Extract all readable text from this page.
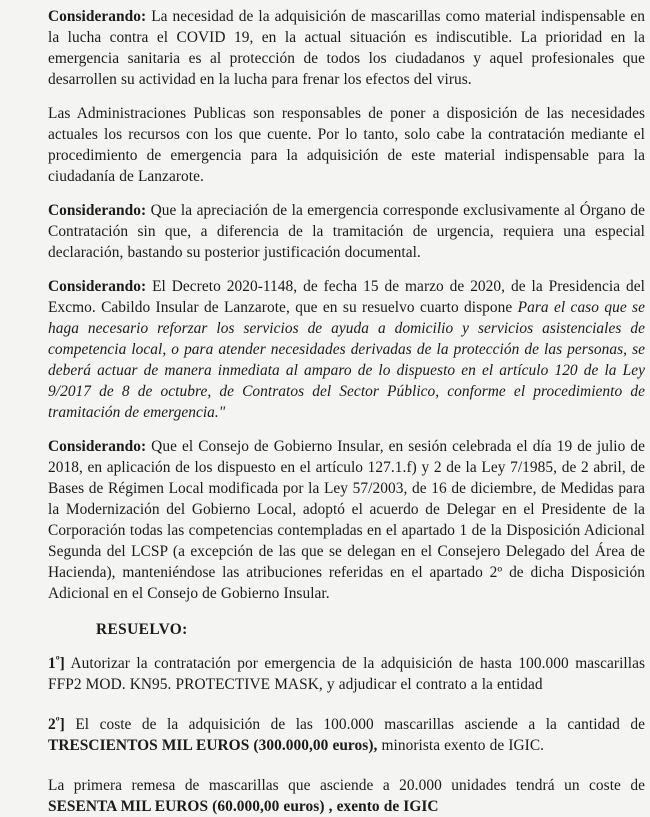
Considerando: La necesidad de la adquisición de mascarillas como material indispensable en la lucha contra el COVID 19, en la actual situación es indiscutible. La prioridad en la emergencia sanitaria es al protección de todos los ciudadanos y aquel profesionales que desarrollen su actividad en la lucha para frenar los efectos del virus.

Las Administraciones Publicas son responsables de poner a disposición de las necesidades actuales los recursos con los que cuente. Por lo tanto, solo cabe la contratación mediante el procedimiento de emergencia para la adquisición de este material indispensable para la ciudadanía de Lanzarote.

Considerando: Que la apreciación de la emergencia corresponde exclusivamente al Órgano de Contratación sin que, a diferencia de la tramitación de urgencia, requiera una especial declaración, bastando su posterior justificación documental.

Considerando: El Decreto 2020-1148, de fecha 15 de marzo de 2020, de la Presidencia del Excmo. Cabildo Insular de Lanzarote, que en su resuelvo cuarto dispone Para el caso que se haga necesario reforzar los servicios de ayuda a domicilio y servicios asistenciales de competencia local, o para atender necesidades derivadas de la protección de las personas, se deberá actuar de manera inmediata al amparo de lo dispuesto en el artículo 120 de la Ley 9/2017 de 8 de octubre, de Contratos del Sector Público, conforme el procedimiento de tramitación de emergencia."

Considerando: Que el Consejo de Gobierno Insular, en sesión celebrada el día 19 de julio de 2018, en aplicación de los dispuesto en el artículo 127.1.f) y 2 de la Ley 7/1985, de 2 abril, de Bases de Régimen Local modificada por la Ley 57/2003, de 16 de diciembre, de Medidas para la Modernización del Gobierno Local, adoptó el acuerdo de Delegar en el Presidente de la Corporación todas las competencias contempladas en el apartado 1 de la Disposición Adicional Segunda del LCSP (a excepción de las que se delegan en el Consejero Delegado del Área de Hacienda), manteniéndose las atribuciones referidas en el apartado 2º de dicha Disposición Adicional en el Consejo de Gobierno Insular.

RESUELVO:

$1^º$] Autorizar la contratación por emergencia de la adquisición de hasta 100.000 mascarillas FFP2 MOD. KN95. PROTECTIVE MASK, y adjudicar el contrato a la entidad

$2^º$] El coste de la adquisición de las 100.000 mascarillas asciende a la cantidad de TRESCIENTOS MIL EUROS (300.000,00 euros), minorista exento de IGIC.

La primera remesa de mascarillas que asciende a 20.000 unidades tendrá un coste de SESENTA MIL EUROS (60.000,00 euros) , exento de IGIC
